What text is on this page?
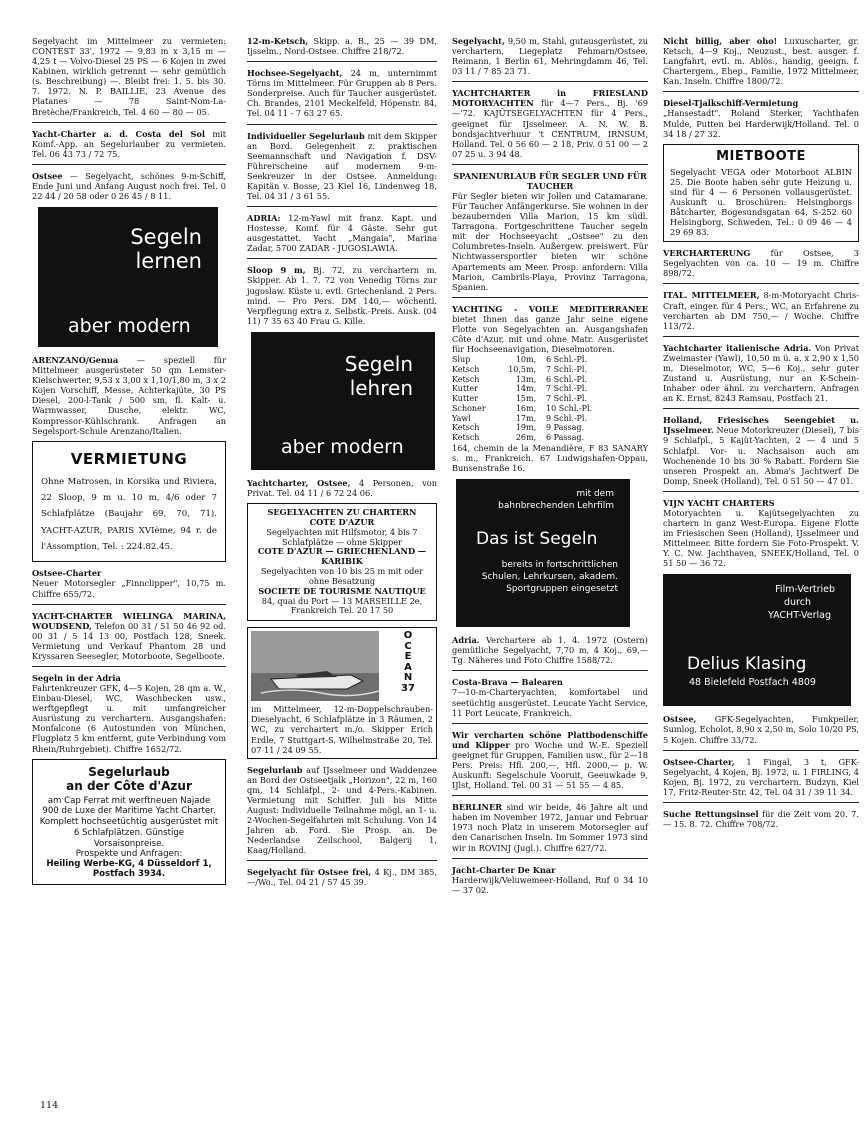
Segelyacht im Mittelmeer zu vermieten: CONTEST 33', 1972 — 9,83 m x 3,15 m — 4,25 t — Volvo-Diesel 25 PS — 6 Kojen in zwei Kabinen, wirklich getrennt — sehr gemütlich (s. Beschreibung) —. Bleibt frei: 1. 5. bis 30. 7. 1972. N. P. BAILLIE, 23 Avenue des Platanes — 78 Saint-Nom-La-Bretèche/Frankreich, Tel. 4 60 — 80 — 05.

Yacht-Charter a. d. Costa del Sol mit Komf.-App. an Segelurlauber zu vermieten. Tel. 06 43 73 / 72 75.

Ostsee — Segelyacht, schönes 9-m-Schiff, Ende Juni und Anfang August noch frei. Tel. 0 22 44 / 20 58 oder 0 26 45 / 8 11.

Segeln
lernen
aber modern

ARENZANO/Genua — speziell für Mittelmeer ausgerüsteter 50 qm Lemster-Kielschwerter, 9,53 x 3,00 x 1,10/1,80 m, 3 x 2 Kojen Vorschiff, Messe, Achterkajüte, 30 PS Diesel, 200-l-Tank / 500 sm, fl. Kalt- u. Warmwasser, Dusche, elektr. WC, Kompressor-Kühlschrank. Anfragen an Segelsport-Schule Arenzano/Italien.

VERMIETUNG
Ohne Matrosen, in Korsika und Riviera, 22 Sloop, 9 m u. 10 m, 4/6 oder 7 Schlafplätze (Baujahr 69, 70, 71). YACHT-AZUR, PARIS XVIème, 94 r. de l'Assomption, Tel. : 224.82.45.

Ostsee-Charter
Neuer Motorsegler „Finnclipper", 10,75 m. Chiffre 655/72.

YACHT-CHARTER WIELINGA MARINA, WOUDSEND, Telefon 00 31 / 51 50 46 92 od. 00 31 / 5 14 13 00, Postfach 128, Sneek. Vermietung und Verkauf Phantom 28 und Kryssaren Seesegler, Motorboote, Segelboote.

Segeln in der Adria
Fahrtenkreuzer GFK, 4—5 Kojen, 28 qm a. W., Einbau-Diesel, WC, Waschbecken usw., werftgepflegt u. mit umfangreicher Ausrüstung zu verchartern. Ausgangshafen: Monfalcone (6 Autostunden von München, Flugplatz 5 km entfernt, gute Verbindung vom Rhein/Ruhrgebiet). Chiffre 1652/72.

Segelurlaub
an der Côte d'Azur
am Cap Ferrat mit werftneuen Najade 900 de Luxe der Maritime Yacht Charter. Komplett hochseetüchtig ausgerüstet mit 6 Schlafplätzen. Günstige Vorsaisonpreise.
Prospekte und Anfragen:
Heiling Werbe-KG, 4 Düsseldorf 1, Postfach 3934.

12-m-Ketsch, Skipp. a. B., 25 — 39 DM, Ijsselm., Nord-Ostsee. Chiffre 218/72.

Hochsee-Segelyacht, 24 m, unternimmt Törns im Mittelmeer. Für Gruppen ab 8 Pers. Sonderpreise. Auch für Taucher ausgerüstet. Ch. Brandes, 2101 Meckelfeld, Höpenstr. 84, Tel. 04 11 - 7 63 27 65.

Individueller Segelurlaub mit dem Skipper an Bord. Gelegenheit z. praktischen Seemannschaft und Navigation f. DSV-Führerscheine auf modernem 9-m-Seekreuzer in der Ostsee. Anmeldung: Kapitän v. Bosse, 23 Kiel 16, Lindenweg 18, Tel. 04 31 / 3 61 55.

ADRIA: 12-m-Yawl mit franz. Kapt. und Hostesse, Komf. für 4 Gäste. Sehr gut ausgestattet. Yacht „Mangaia", Marina Zadar, 5700 ZADAR - JUGOSLAWIA.

Sloop 9 m, Bj. 72, zu verchartern m. Skipper. Ab 1. 7. 72 von Venedig Törns zur jugoslaw. Küste u. evtl. Griechenland. 2 Pers. mind. — Pro Pers. DM 140,— wöchentl. Verpflegung extra z. Selbstk.-Preis. Ausk. (04 11) 7 35 63 40 Frau G. Kille.

Segeln
lehren
aber modern

Yachtcharter, Ostsee, 4 Personen, von Privat. Tel. 04 11 / 6 72 24 06.

SEGELYACHTEN ZU CHARTERN
COTE D'AZUR
Segelyachten mit Hilfsmotor, 4 bis 7 Schlafplätze — ohne Skipper
COTE D'AZUR — GRIECHENLAND — KARIBIK
Segelyachten von 10 bis 25 m mit oder ohne Besatzung
SOCIETE DE TOURISME NAUTIQUE
84, quai du Port — 13 MARSEILLE 2e, Frankreich Tel. 20 17 50
O
C
E
A
N
37

im Mittelmeer, 12-m-Doppelschrauben-Dieselyacht, 6 Schlafplätze in 3 Räumen, 2 WC, zu verchartert m./o. Skipper Erich Erdle, 7 Stuttgart-S, Wilhelmstraße 20, Tel. 07 11 / 24 09 55.

Segelurlaub auf IJsselmeer und Waddenzee an Bord der Ostseetjalk „Horizon", 22 m, 160 qm, 14 Schlafpl., 2- und 4-Pers.-Kabinen. Vermietung mit Schiffer. Juli bis Mitte August: Individuelle Teilnahme mögl. an 1- u. 2-Wochen-Segelfahrten mit Schulung. Von 14 Jahren ab. Ford. Sie Prosp. an. De Nederlandse Zeilschool, Balgerij 1, Kaag/Holland.

Segelyacht für Ostsee frei, 4 Kj., DM 385,—/Wo., Tel. 04 21 / 57 45 39.

Segelyacht, 9,50 m, Stahl, gutausgerüstet, zu verchartern, Liegeplatz Fehmarn/Ostsee, Reimann, 1 Berlin 61, Mehringdamm 46, Tel. 03 11 / 7 85 23 71.

YACHTCHARTER in FRIESLAND MOTORYACHTEN für 4—7 Pers., Bj. '69—'72. KAJÜTSEGELYACHTEN für 4 Pers., geeignet für IJsselmeer. A. N. W. B. bondsjachtverhuur 't CENTRUM, IRNSUM, Holland. Tel. 0 56 60 — 2 18, Priv. 0 51 00 — 2 07 25 u. 3 94 48.

SPANIENURLAUB FÜR SEGLER UND FÜR TAUCHER
Für Segler bieten wir Jollen und Catamarane. Für Taucher Anfängerkurse. Sie wohnen in der bezaubernden Villa Marion, 15 km südl. Tarragona. Fortgeschrittene Taucher segeln mit der Hochseeyacht „Ostsee" zu den Columbretes-Inseln. Außergew. preiswert. Für Nichtwassersportler bieten wir schöne Apartements am Meer. Prosp. anfordern: Villa Marion, Cambrils-Playa, Provinz Tarragona, Spanien.

YACHTING - VOILE MEDITERRANEE bietet Ihnen das ganze Jahr seine eigene Flotte von Segelyachten an. Ausgangshafen Côte d'Azur, mit und ohne Matr. Ausgerüstet für Hochseenavigation, Dieselmotoren.

Slup	10 m,	6 Schl.-Pl.
Ketsch	10,5 m,	7 Schl.-Pl.
Ketsch	13 m,	6 Schl.-Pl.
Kutter	14 m,	7 Schl.-Pl.
Kutter	15 m,	7 Schl.-Pl.
Schoner	16 m,	10 Schl.-Pl.
Yawl	17 m,	9 Schl.-Pl.
Ketsch	19 m,	9 Passag.
Ketsch	26 m,	6 Passag.

164, chemin de la Menandière, F 83 SANARY s. m., Frankreich. 67 Ludwigshafen-Oppau, Bunsenstraße 16.

mit dem
bahnbrechenden Lehrfilm
Das ist Segeln
bereits in fortschrittlichen Schulen, Lehrkursen, akadem. Sportgruppen eingesetzt

Adria. Verchartere ab 1. 4. 1972 (Ostern) gemütliche Segelyacht, 7,70 m, 4 Koj., 69,—Tg. Näheres und Foto Chiffre 1588/72.

Costa-Brava — Balearen
7—10-m-Charteryachten, komfortabel und seetüchtig ausgerüstet. Leucate Yacht Service, 11 Port Leucate, Frankreich.

Wir vercharten schöne Plattbodenschiffe und Klipper pro Woche und W.-E. Speziell geeignet für Gruppen, Familien usw., für 2—18 Pers. Preis: Hfl. 200,—, Hfl. 2000,— p. W. Auskunft: Segelschule Vooruit, Geeuwkade 9, IJlst, Holland. Tel. 00 31 — 51 55 — 4 85.

BERLINER sind wir beide, 46 Jahre alt und haben im November 1972, Januar und Februar 1973 noch Platz in unserem Motorsegler auf den Canarischen Inseln. Im Sommer 1973 sind wir in ROVINJ (Jugl.). Chiffre 627/72.

Jacht-Charter De Knar
Harderwijk/Veluwemeer-Holland, Ruf 0 34 10 — 37 02.

Nicht billig, aber oho! Luxuscharter, gr. Ketsch, 4—9 Koj., Neuzust., best. ausger. f. Langfahrt, evtl. m. Ablös., handig, geeign. f. Chartergem., Ehep., Familie, 1972 Mittelmeer, Kan. Inseln. Chiffre 1800/72.

Diesel-Tjalkschiff-Vermietung
„Hansestadt". Roland Sterker, Yachthafen Mulde, Putten bei Harderwijk/Holland. Tel. 0 34 18 / 27 32.

MIETBOOTE
Segelyacht VEGA oder Motorboot ALBIN 25. Die Boote haben sehr gute Heizung u. sind für 4 — 6 Personen vollausgerüstet. Auskunft u. Broschüren: Helsingborgs Båtcharter, Bogesundsgatan 64, S-252 60 Helsingborg, Schweden, Tel.: 0 09 46 — 4 29 69 83.

VERCHARTERUNG für Ostsee, 3 Segelyachten von ca. 10 — 19 m. Chiffre 898/72.

ITAL. MITTELMEER, 8-m-Motoryacht Chris-Craft, einger. für 4 Pers., WC, an Erfahrene zu vercharten ab DM 750,— / Woche. Chiffre 113/72.

Yachtcharter italienische Adria. Von Privat Zweimaster (Yawl), 10,50 m ü. a. x 2,90 x 1,50 m, Dieselmotor, WC, 5—6 Koj., sehr guter Zustand u. Ausrüstung, nur an K-Schein-Inhaber oder ähnl. zu verchartern. Anfragen an K. Ernst, 8243 Ramsau, Postfach 21.

Holland, Friesisches Seengebiet u. IJsselmeer. Neue Motorkreuzer (Diesel), 7 bis 9 Schlafpl., 5 Kajüt-Yachten, 2 — 4 und 5 Schlafpl. Vor- u. Nachsaison auch am Wochenende 10 bis 30 % Rabatt. Fordern Sie unseren Prospekt an. Abma's Jachtwerf De Domp, Sneek (Holland), Tel. 0 51 50 — 47 01.

VIJN YACHT CHARTERS
Motoryachten u. Kajütsegelyachten zu chartern in ganz West-Europa. Eigene Flotte im Friesischen Seen (Holland), IJsselmeer und Mittelmeer. Bitte fordern Sie Foto-Prospekt. V. Y. C. Nw. Jachthaven, SNEEK/Holland, Tel. 0 51 50 — 36 72.

Film-Vertrieb
durch
YACHT-Verlag
Delius Klasing
48 Bielefeld Postfach 4809

Ostsee, GFK-Segelyachten, Funkpeiler, Sumlog, Echolot, 8,90 x 2,50 m, Solo 10/20 PS, 5 Kojen. Chiffre 33/72.

Ostsee-Charter, 1 Fingal, 3 t, GFK-Segelyacht, 4 Kojen, Bj. 1972, u. 1 FIRLING, 4 Kojen, Bj. 1972, zu verchartern. Budzyn, Kiel 17, Fritz-Reuter-Str. 42, Tel. 04 31 / 39 11 34.

Suche Rettungsinsel für die Zeit vom 20. 7. — 15. 8. 72. Chiffre 708/72.

114
